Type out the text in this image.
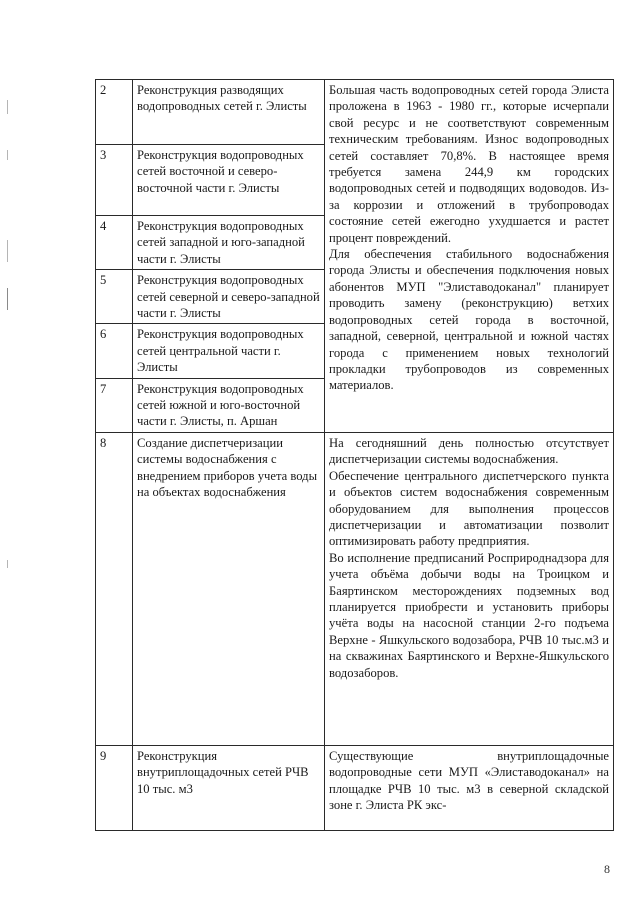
2	Реконструкция разводящих водопроводных сетей г. Элисты	Большая часть водопроводных сетей города Элиста проложена в 1963 - 1980 гг., которые исчерпали свой ресурс и не соответствуют современным техническим требованиям. Износ водопроводных сетей составляет 70,8%. В настоящее время требуется замена 244,9 км городских водопроводных сетей и подводящих водоводов. Из-за коррозии и отложений в трубопроводах состояние сетей ежегодно ухудшается и растет процент повреждений.

Для обеспечения стабильного водоснабжения города Элисты и обеспечения подключения новых абонентов МУП "Элиставодоканал" планирует проводить замену (реконструкцию) ветхих водопроводных сетей города в восточной, западной, северной, центральной и южной частях города с применением новых технологий прокладки трубопроводов из современных материалов.

3	Реконструкция водопроводных сетей восточной и северо-восточной части г. Элисты	
4	Реконструкция водопроводных сетей западной и юго-западной части г. Элисты	
5	Реконструкция водопроводных сетей северной и северо-западной части г. Элисты	
6	Реконструкция водопроводных сетей центральной части г. Элисты	
7	Реконструкция водопроводных сетей южной и юго-восточной части г. Элисты, п. Аршан	
8	Создание диспетчеризации системы водоснабжения с внедрением приборов учета воды на объектах водоснабжения	На сегодняшний день полностью отсутствует диспетчеризации системы водоснабжения.

Обеспечение центрального диспетчерского пункта и объектов систем водоснабжения современным оборудованием для выполнения процессов диспетчеризации и автоматизации позволит оптимизировать работу предприятия.

Во исполнение предписаний Росприроднадзора для учета объёма добычи воды на Троицком и Баяртинском месторождениях подземных вод планируется приобрести и установить приборы учёта воды на насосной станции 2-го подъема Верхне - Яшкульского водозабора, РЧВ 10 тыс.м3 и на скважинах Баяртинского и Верхне-Яшкульского водозаборов.

9	Реконструкция внутриплощадочных сетей РЧВ 10 тыс. м3	Существующие внутриплощадочные водопроводные сети МУП «Элиставодоканал» на площадке РЧВ 10 тыс. м3 в северной складской зоне г. Элиста РК экс-

8
